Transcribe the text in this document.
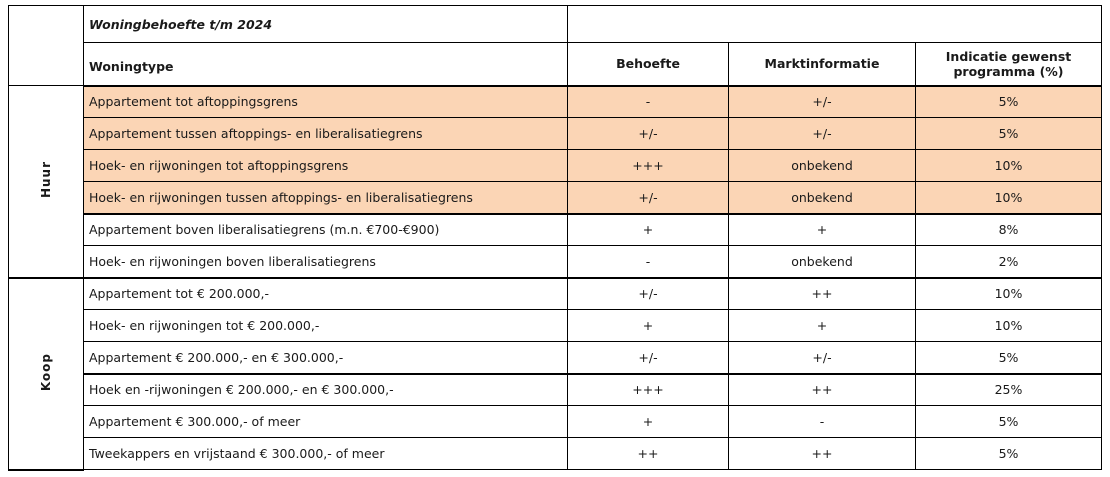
	Woningbehoefte t/m 2024			
	Woningtype	Behoefte	Marktinformatie	Indicatie gewenst programma (%)
Huur	Appartement tot aftoppingsgrens	-	+/-	5%
	Appartement tussen aftoppings- en liberalisatiegrens	+/-	+/-	5%
	Hoek- en rijwoningen tot aftoppingsgrens	+++	onbekend	10%
	Hoek- en rijwoningen tussen aftoppings- en liberalisatiegrens	+/-	onbekend	10%
	Appartement boven liberalisatiegrens (m.n. €700-€900)	+	+	8%
	Hoek- en rijwoningen boven liberalisatiegrens	-	onbekend	2%
Koop	Appartement tot € 200.000,-	+/-	++	10%
	Hoek- en rijwoningen tot € 200.000,-	+	+	10%
	Appartement € 200.000,- en € 300.000,-	+/-	+/-	5%
	Hoek en -rijwoningen € 200.000,- en € 300.000,-	+++	++	25%
	Appartement € 300.000,- of meer	+	-	5%
	Tweekappers en vrijstaand € 300.000,- of meer	++	++	5%
